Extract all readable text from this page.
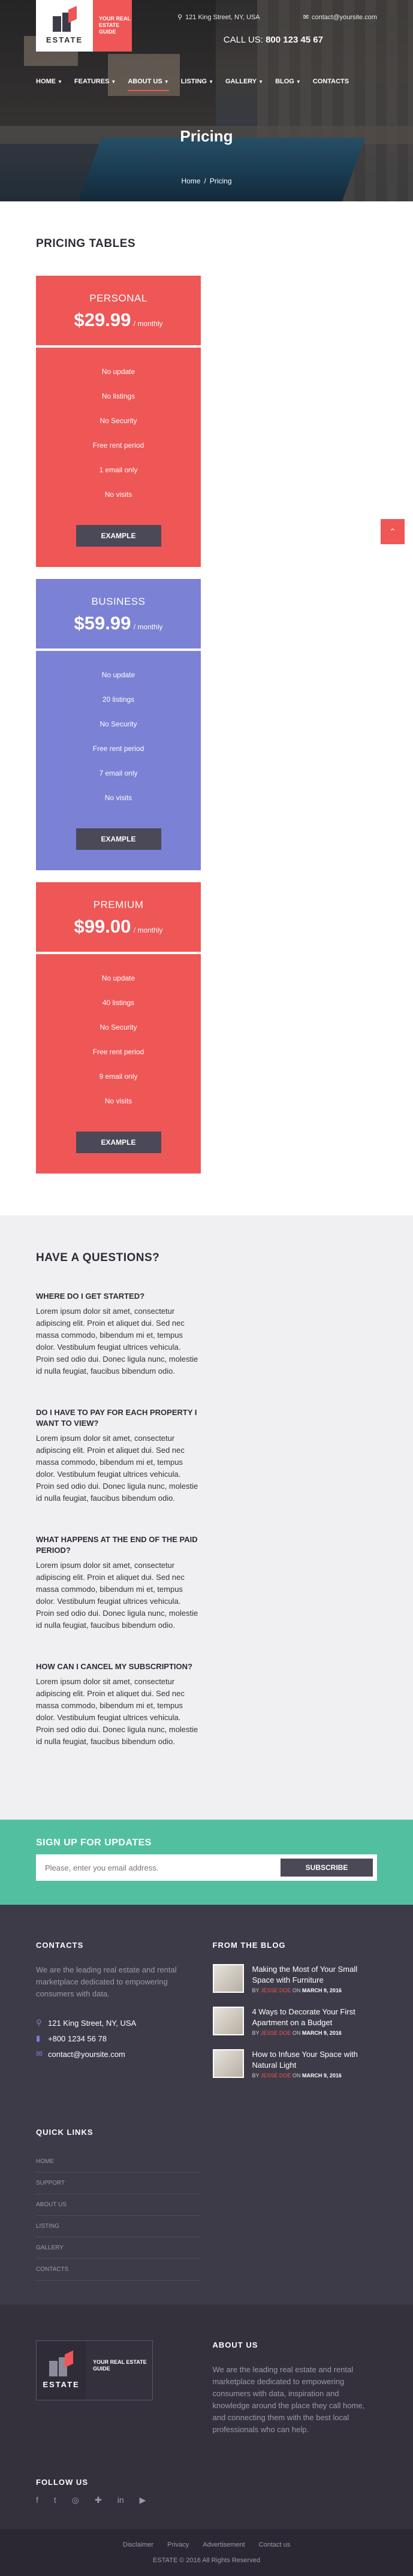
ESTATE
YOUR REAL ESTATE GUIDE
⚲ 121 King Street, NY, USA	✉ contact@yoursite.com
CALL US: 800 123 45 67
HOME ▼	FEATURES ▼	ABOUT US ▼	LISTING ▼	GALLERY ▼	BLOG ▼	CONTACTS
Pricing
Home / Pricing
PRICING TABLES
PERSONAL
$29.99 / monthly
No update
No listings
No Security
Free rent period
1 email only
No visits
EXAMPLE
BUSINESS
$59.99 / monthly
No update
20 listings
No Security
Free rent period
7 email only
No visits
EXAMPLE
PREMIUM
$99.00 / monthly
No update
40 listings
No Security
Free rent period
9 email only
No visits
EXAMPLE
⌃
HAVE A QUESTIONS?
WHERE DO I GET STARTED?

Lorem ipsum dolor sit amet, consectetur adipiscing elit. Proin et aliquet dui. Sed nec massa commodo, bibendum mi et, tempus dolor. Vestibulum feugiat ultrices vehicula. Proin sed odio dui. Donec ligula nunc, molestie id nulla feugiat, faucibus bibendum odio.

DO I HAVE TO PAY FOR EACH PROPERTY I WANT TO VIEW?

Lorem ipsum dolor sit amet, consectetur adipiscing elit. Proin et aliquet dui. Sed nec massa commodo, bibendum mi et, tempus dolor. Vestibulum feugiat ultrices vehicula. Proin sed odio dui. Donec ligula nunc, molestie id nulla feugiat, faucibus bibendum odio.

WHAT HAPPENS AT THE END OF THE PAID PERIOD?

Lorem ipsum dolor sit amet, consectetur adipiscing elit. Proin et aliquet dui. Sed nec massa commodo, bibendum mi et, tempus dolor. Vestibulum feugiat ultrices vehicula. Proin sed odio dui. Donec ligula nunc, molestie id nulla feugiat, faucibus bibendum odio.

HOW CAN I CANCEL MY SUBSCRIPTION?

Lorem ipsum dolor sit amet, consectetur adipiscing elit. Proin et aliquet dui. Sed nec massa commodo, bibendum mi et, tempus dolor. Vestibulum feugiat ultrices vehicula. Proin sed odio dui. Donec ligula nunc, molestie id nulla feugiat, faucibus bibendum odio.

SIGN UP FOR UPDATES
Please, enter you email address.
SUBSCRIBE
CONTACTS
We are the leading real estate and rental marketplace dedicated to empowering consumers with data.
⚲ 121 King Street, NY, USA
▮ +800 1234 56 78
✉ contact@yoursite.com
FROM THE BLOG
Making the Most of Your Small Space with Furniture
BY JESSE DOE ON MARCH 9, 2016
4 Ways to Decorate Your First Apartment on a Budget
BY JESSE DOE ON MARCH 9, 2016
How to Infuse Your Space with Natural Light
BY JESSE DOE ON MARCH 9, 2016
QUICK LINKS
HOME
SUPPORT
ABOUT US
LISTING
GALLERY
CONTACTS
ESTATE
YOUR REAL ESTATE GUIDE
ABOUT US
We are the leading real estate and rental marketplace dedicated to empowering consumers with data, inspiration and knowledge around the place they call home, and connecting them with the best local professionals who can help.
FOLLOW US
f t ◎ ✚ in ▶
Disclaimer Privacy Advertisement Contact us
ESTATE © 2016 All Rights Reserved
